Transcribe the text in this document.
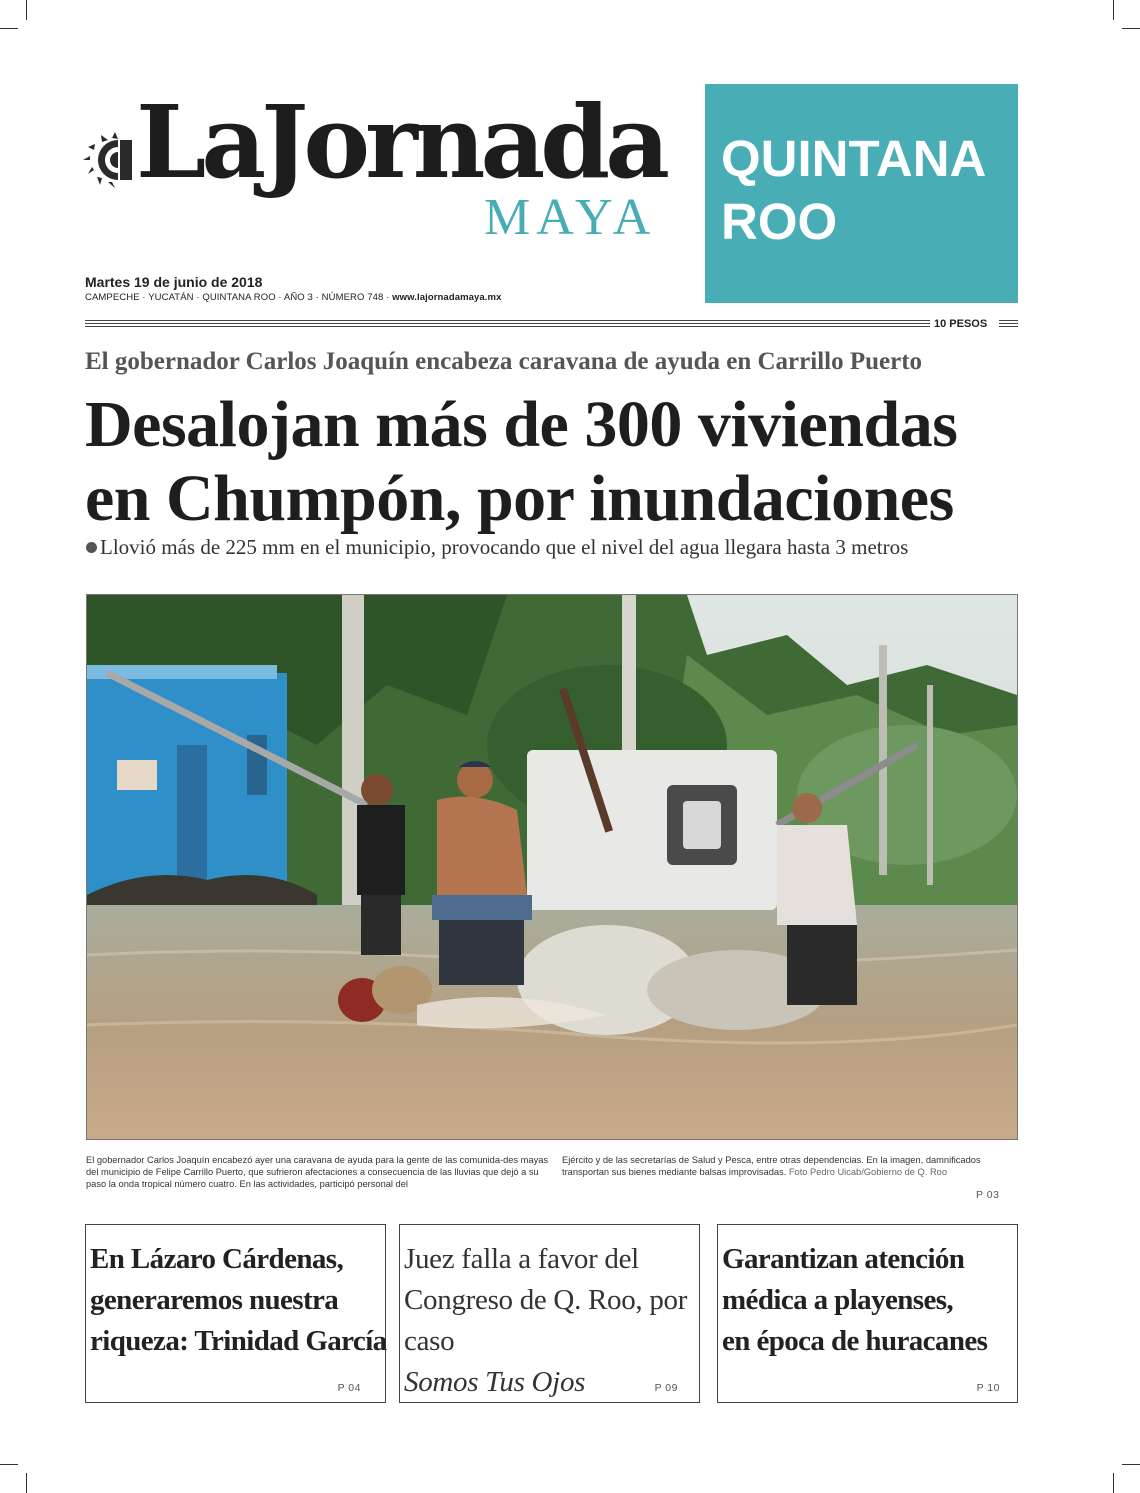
LaJornada
MAYA
QUINTANA
ROO
Martes 19 de junio de 2018
CAMPECHE · YUCATÁN · QUINTANA ROO · AÑO 3 · NÚMERO 748 · www.lajornadamaya.mx
10 PESOS
El gobernador Carlos Joaquín encabeza caravana de ayuda en Carrillo Puerto
Desalojan más de 300 viviendas
en Chumpón, por inundaciones
Llovió más de 225 mm en el municipio, provocando que el nivel del agua llegara hasta 3 metros
El gobernador Carlos Joaquín encabezó ayer una caravana de ayuda para la gente de las comunida-des mayas del municipio de Felipe Carrillo Puerto, que sufrieron afectaciones a consecuencia de las lluvias que dejó a su paso la onda tropical número cuatro. En las actividades, participó personal del
Ejército y de las secretarías de Salud y Pesca, entre otras dependencias. En la imagen, damnificados transportan sus bienes mediante balsas improvisadas. Foto Pedro Uicab/Gobierno de Q. Roo
P 03
En Lázaro Cárdenas,
generaremos nuestra
riqueza: Trinidad García
P 04
Juez falla a favor del
Congreso de Q. Roo, por
caso
Somos Tus Ojos	P 09
Garantizan atención
médica a playenses,
en época de huracanes
P 10
